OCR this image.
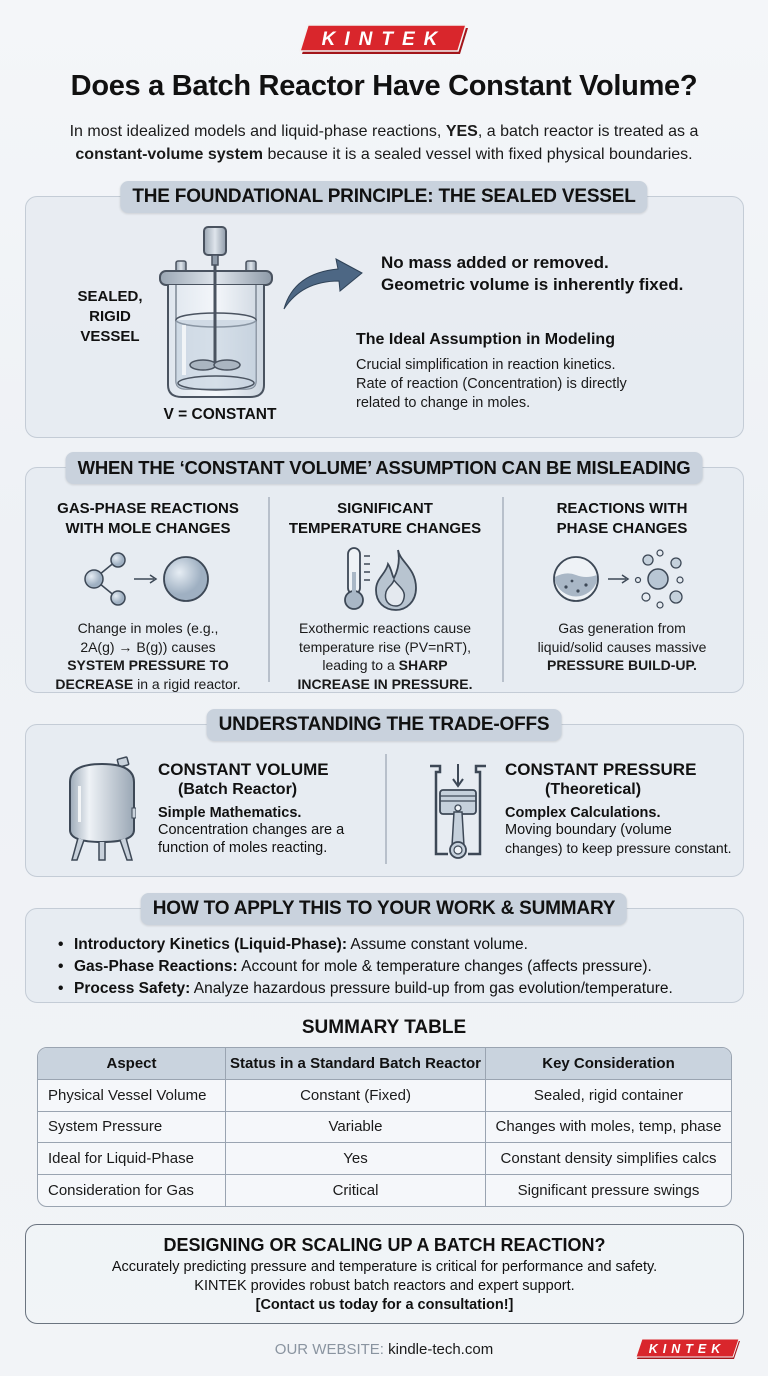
KINTEK
Does a Batch Reactor Have Constant Volume?
In most idealized models and liquid-phase reactions, YES, a batch reactor is treated as a
constant-volume system because it is a sealed vessel with fixed physical boundaries.
THE FOUNDATIONAL PRINCIPLE: THE SEALED VESSEL
SEALED,
RIGID
VESSEL
V = CONSTANT
No mass added or removed.
Geometric volume is inherently fixed.
The Ideal Assumption in Modeling
Crucial simplification in reaction kinetics.
Rate of reaction (Concentration) is directly
related to change in moles.
WHEN THE ‘CONSTANT VOLUME’ ASSUMPTION CAN BE MISLEADING
GAS-PHASE REACTIONS
WITH MOLE CHANGES
Change in moles (e.g.,
2A(g) → B(g)) causes
SYSTEM PRESSURE TO
DECREASE in a rigid reactor.
SIGNIFICANT
TEMPERATURE CHANGES
Exothermic reactions cause
temperature rise (PV=nRT),
leading to a SHARP
INCREASE IN PRESSURE.
REACTIONS WITH
PHASE CHANGES
Gas generation from
liquid/solid causes massive
PRESSURE BUILD-UP.
UNDERSTANDING THE TRADE-OFFS
CONSTANT VOLUME
(Batch Reactor)
Simple Mathematics.
Concentration changes are a
function of moles reacting.
CONSTANT PRESSURE
(Theoretical)
Complex Calculations.
Moving boundary (volume
changes) to keep pressure constant.
HOW TO APPLY THIS TO YOUR WORK & SUMMARY
• Introductory Kinetics (Liquid-Phase): Assume constant volume.
• Gas-Phase Reactions: Account for mole & temperature changes (affects pressure).
• Process Safety: Analyze hazardous pressure build-up from gas evolution/temperature.
SUMMARY TABLE
Aspect	Status in a Standard Batch Reactor	Key Consideration
Physical Vessel Volume	Constant (Fixed)	Sealed, rigid container
System Pressure	Variable	Changes with moles, temp, phase
Ideal for Liquid-Phase	Yes	Constant density simplifies calcs
Consideration for Gas	Critical	Significant pressure swings
DESIGNING OR SCALING UP A BATCH REACTION?
Accurately predicting pressure and temperature is critical for performance and safety.
KINTEK provides robust batch reactors and expert support.
[Contact us today for a consultation!]
OUR WEBSITE: kindle-tech.com	KINTEK
